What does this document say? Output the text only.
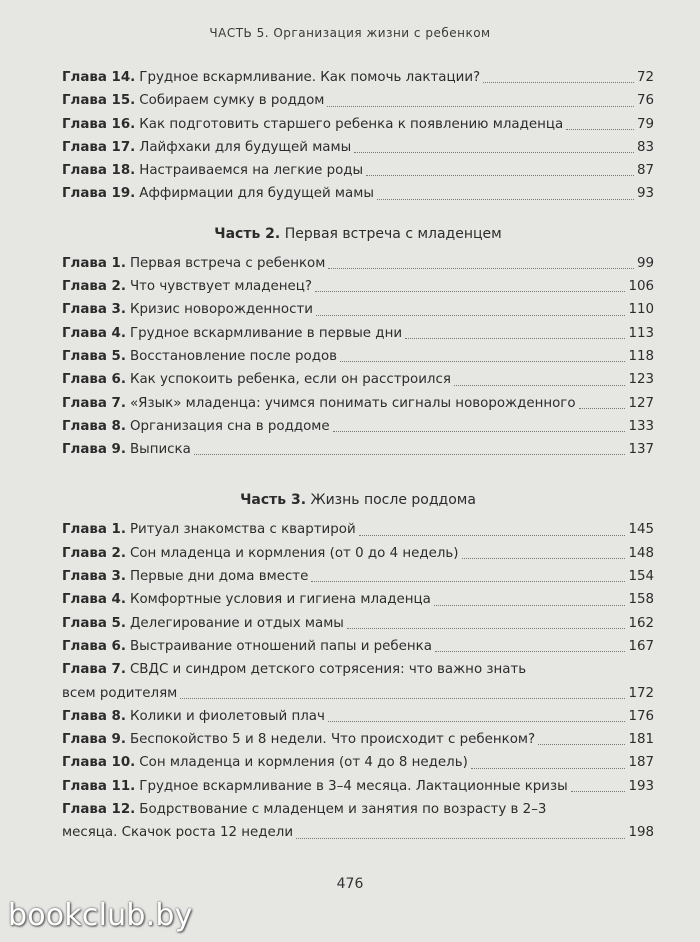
ЧАСТЬ 5. Организация жизни с ребенком
Глава 14. Грудное вскармливание. Как помочь лактации?	72
Глава 15. Собираем сумку в роддом	76
Глава 16. Как подготовить старшего ребенка к появлению младенца	79
Глава 17. Лайфхаки для будущей мамы	83
Глава 18. Настраиваемся на легкие роды	87
Глава 19. Аффирмации для будущей мамы	93
Часть 2. Первая встреча с младенцем
Глава 1. Первая встреча с ребенком	99
Глава 2. Что чувствует младенец?	106
Глава 3. Кризис новорожденности	110
Глава 4. Грудное вскармливание в первые дни	113
Глава 5. Восстановление после родов	118
Глава 6. Как успокоить ребенка, если он расстроился	123
Глава 7. «Язык» младенца: учимся понимать сигналы новорожденного	127
Глава 8. Организация сна в роддоме	133
Глава 9. Выписка	137
Часть 3. Жизнь после роддома
Глава 1. Ритуал знакомства с квартирой	145
Глава 2. Сон младенца и кормления (от 0 до 4 недель)	148
Глава 3. Первые дни дома вместе	154
Глава 4. Комфортные условия и гигиена младенца	158
Глава 5. Делегирование и отдых мамы	162
Глава 6. Выстраивание отношений папы и ребенка	167
Глава 7. СВДС и синдром детского сотрясения: что важно знать
всем родителям	172
Глава 8. Колики и фиолетовый плач	176
Глава 9. Беспокойство 5 и 8 недели. Что происходит с ребенком?	181
Глава 10. Сон младенца и кормления (от 4 до 8 недель)	187
Глава 11. Грудное вскармливание в 3–4 месяца. Лактационные кризы	193
Глава 12. Бодрствование с младенцем и занятия по возрасту в 2–3
месяца. Скачок роста 12 недели	198
476
bookclub.by
